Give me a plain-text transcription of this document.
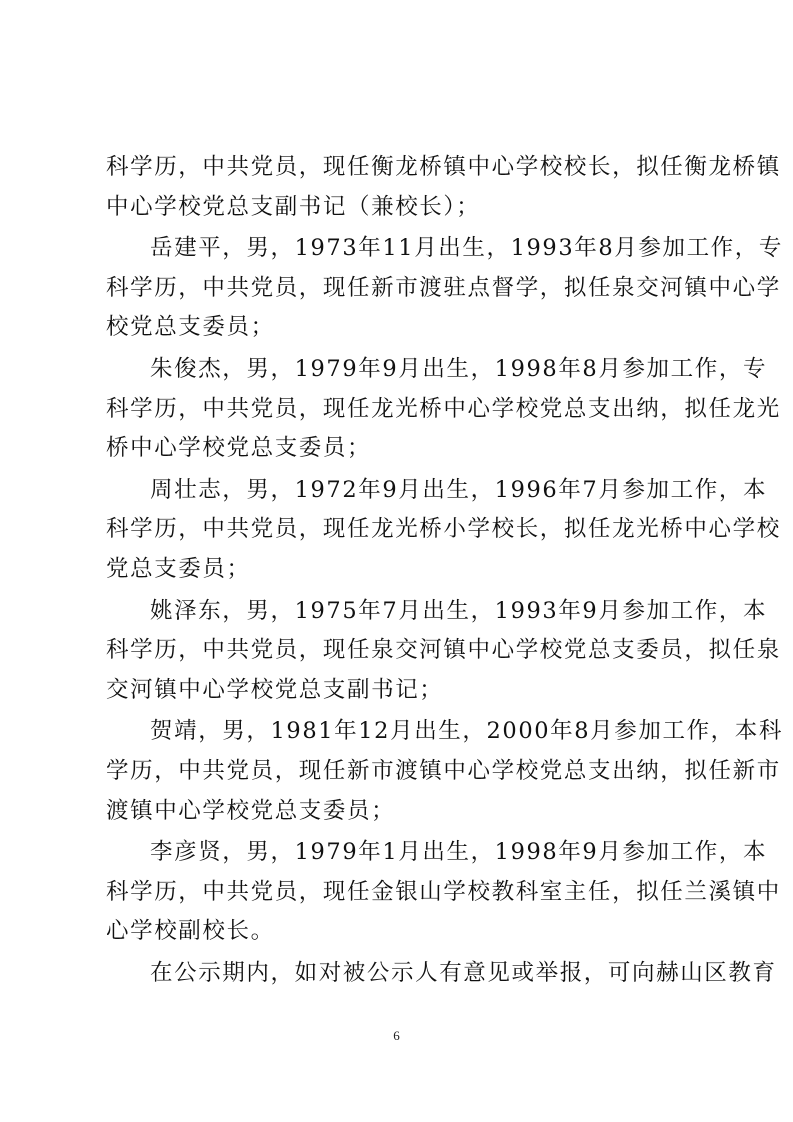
科学历，中共党员，现任衡龙桥镇中心学校校长，拟任衡龙桥镇
中心学校党总支副书记（兼校长）；

岳建平，男，1973年11月出生，1993年8月参加工作，专
科学历，中共党员，现任新市渡驻点督学，拟任泉交河镇中心学
校党总支委员；

朱俊杰，男，1979年9月出生，1998年8月参加工作，专
科学历，中共党员，现任龙光桥中心学校党总支出纳，拟任龙光
桥中心学校党总支委员；

周壮志，男，1972年9月出生，1996年7月参加工作，本
科学历，中共党员，现任龙光桥小学校长，拟任龙光桥中心学校
党总支委员；

姚泽东，男，1975年7月出生，1993年9月参加工作，本
科学历，中共党员，现任泉交河镇中心学校党总支委员，拟任泉
交河镇中心学校党总支副书记；

贺靖，男，1981年12月出生，2000年8月参加工作，本科
学历，中共党员，现任新市渡镇中心学校党总支出纳，拟任新市
渡镇中心学校党总支委员；

李彦贤，男，1979年1月出生，1998年9月参加工作，本
科学历，中共党员，现任金银山学校教科室主任，拟任兰溪镇中
心学校副校长。

在公示期内，如对被公示人有意见或举报，可向赫山区教育

6
